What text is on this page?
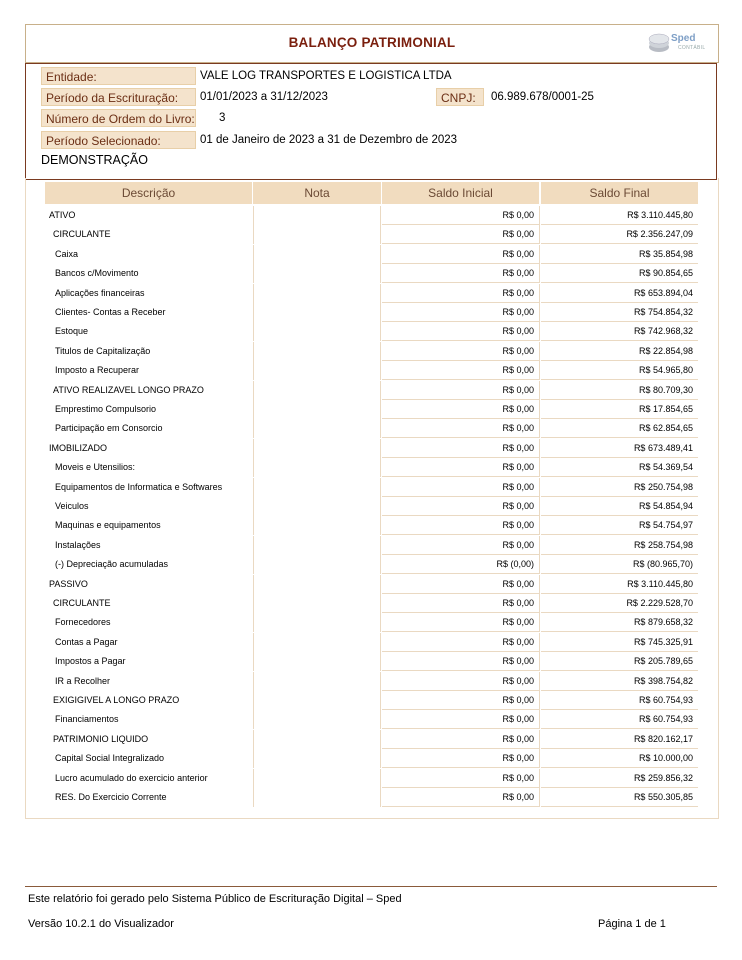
BALANÇO PATRIMONIAL	Sped
CONTÁBIL
Entidade:	VALE LOG TRANSPORTES E LOGISTICA LTDA
Período da Escrituração:	01/01/2023 a 31/12/2023	CNPJ:	06.989.678/0001-25
Número de Ordem do Livro: 3
Período Selecionado:	01 de Janeiro de 2023 a 31 de Dezembro de 2023
DEMONSTRAÇÃO
Descrição	Nota	Saldo Inicial	Saldo Final
ATIVO	R$ 0,00	R$ 3.110.445,80
CIRCULANTE	R$ 0,00	R$ 2.356.247,09
Caixa	R$ 0,00	R$ 35.854,98
Bancos c/Movimento	R$ 0,00	R$ 90.854,65
Aplicações financeiras	R$ 0,00	R$ 653.894,04
Clientes- Contas a Receber	R$ 0,00	R$ 754.854,32
Estoque	R$ 0,00	R$ 742.968,32
Titulos de Capitalização	R$ 0,00	R$ 22.854,98
Imposto a Recuperar	R$ 0,00	R$ 54.965,80
ATIVO REALIZAVEL LONGO PRAZO	R$ 0,00	R$ 80.709,30
Emprestimo Compulsorio	R$ 0,00	R$ 17.854,65
Participação em Consorcio	R$ 0,00	R$ 62.854,65
IMOBILIZADO	R$ 0,00	R$ 673.489,41
Moveis e Utensilios:	R$ 0,00	R$ 54.369,54
Equipamentos de Informatica e Softwares	R$ 0,00	R$ 250.754,98
Veiculos	R$ 0,00	R$ 54.854,94
Maquinas e equipamentos	R$ 0,00	R$ 54.754,97
Instalações	R$ 0,00	R$ 258.754,98
(-) Depreciação acumuladas	R$ (0,00)	R$ (80.965,70)
PASSIVO	R$ 0,00	R$ 3.110.445,80
CIRCULANTE	R$ 0,00	R$ 2.229.528,70
Fornecedores	R$ 0,00	R$ 879.658,32
Contas a Pagar	R$ 0,00	R$ 745.325,91
Impostos a Pagar	R$ 0,00	R$ 205.789,65
IR a Recolher	R$ 0,00	R$ 398.754,82
EXIGIGIVEL A LONGO PRAZO	R$ 0,00	R$ 60.754,93
Financiamentos	R$ 0,00	R$ 60.754,93
PATRIMONIO LIQUIDO	R$ 0,00	R$ 820.162,17
Capital Social Integralizado	R$ 0,00	R$ 10.000,00
Lucro acumulado do exercicio anterior	R$ 0,00	R$ 259.856,32
RES. Do Exercicio Corrente	R$ 0,00	R$ 550.305,85
Este relatório foi gerado pelo Sistema Público de Escrituração Digital – Sped
Versão 10.2.1 do Visualizador	Página 1 de 1
